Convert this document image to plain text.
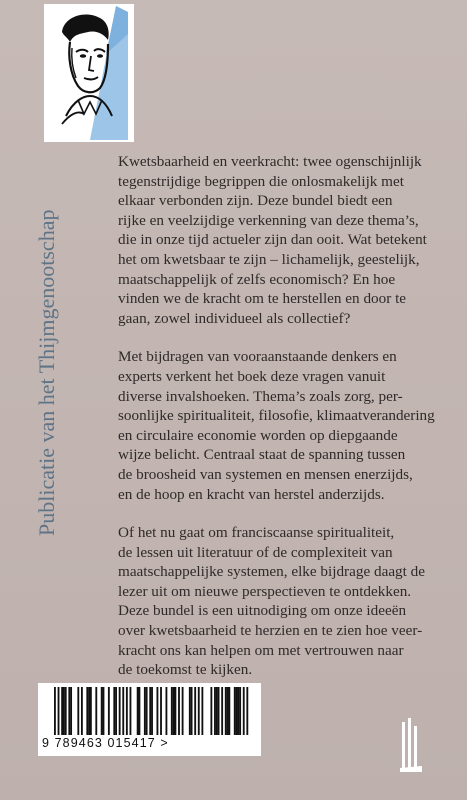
Publicatie van het Thijmgenootschap

Kwetsbaarheid en veerkracht: twee ogenschijnlijk
tegenstrijdige begrippen die onlosmakelijk met
elkaar verbonden zijn. Deze bundel biedt een
rijke en veelzijdige verkenning van deze thema’s,
die in onze tijd actueler zijn dan ooit. Wat betekent
het om kwetsbaar te zijn – lichamelijk, geestelijk,
maatschappelijk of zelfs economisch? En hoe
vinden we de kracht om te herstellen en door te
gaan, zowel individueel als collectief?

Met bijdragen van vooraanstaande denkers en
experts verkent het boek deze vragen vanuit
diverse invalshoeken. Thema’s zoals zorg, per-
soonlijke spiritualiteit, filosofie, klimaatverandering
en circulaire economie worden op diepgaande
wijze belicht. Centraal staat de spanning tussen
de broosheid van systemen en mensen enerzijds,
en de hoop en kracht van herstel anderzijds.

Of het nu gaat om franciscaanse spiritualiteit,
de lessen uit literatuur of de complexiteit van
maatschappelijke systemen, elke bijdrage daagt de
lezer uit om nieuwe perspectieven te ontdekken.
Deze bundel is een uitnodiging om onze ideeën
over kwetsbaarheid te herzien en te zien hoe veer-
kracht ons kan helpen om met vertrouwen naar
de toekomst te kijken.

9 789463 015417 >
